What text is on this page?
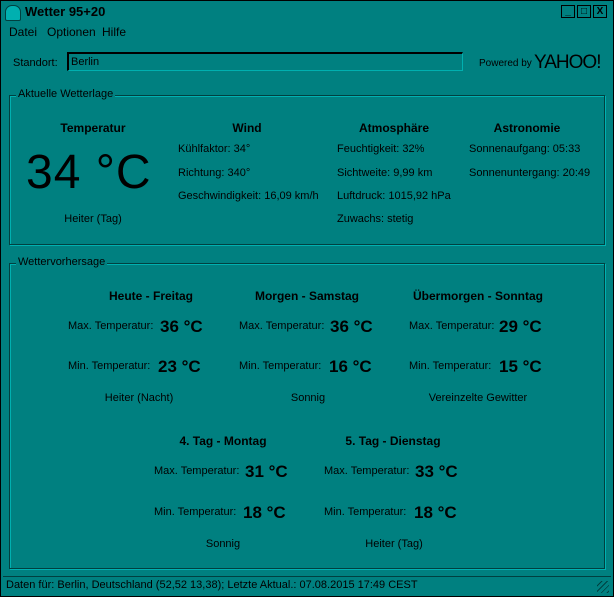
Wetter 95+20	_	□ X
Datei Optionen Hilfe
Standort:
Berlin	Powered by YAHOO!
Aktuelle Wetterlage
Temperatur
34 °C
Heiter (Tag)
Wind
Kühlfaktor: 34°
Richtung: 340°
Geschwindigkeit: 16,09 km/h
Atmosphäre
Feuchtigkeit: 32%
Sichtweite: 9,99 km
Luftdruck: 1015,92 hPa
Zuwachs: stetig
Astronomie
Sonnenaufgang: 05:33
Sonnenuntergang: 20:49
Wettervorhersage
Heute - Freitag
Max. Temperatur: 36 °C
Min. Temperatur: 23 °C
Heiter (Nacht)
Morgen - Samstag
Max. Temperatur: 36 °C
Min. Temperatur: 16 °C
Sonnig
Übermorgen - Sonntag
Max. Temperatur: 29 °C
Min. Temperatur: 15 °C
Vereinzelte Gewitter
4. Tag - Montag
Max. Temperatur: 31 °C
Min. Temperatur: 18 °C
Sonnig
5. Tag - Dienstag
Max. Temperatur: 33 °C
Min. Temperatur: 18 °C
Heiter (Tag)
Daten für: Berlin, Deutschland (52,52 13,38); Letzte Aktual.: 07.08.2015 17:49 CEST
